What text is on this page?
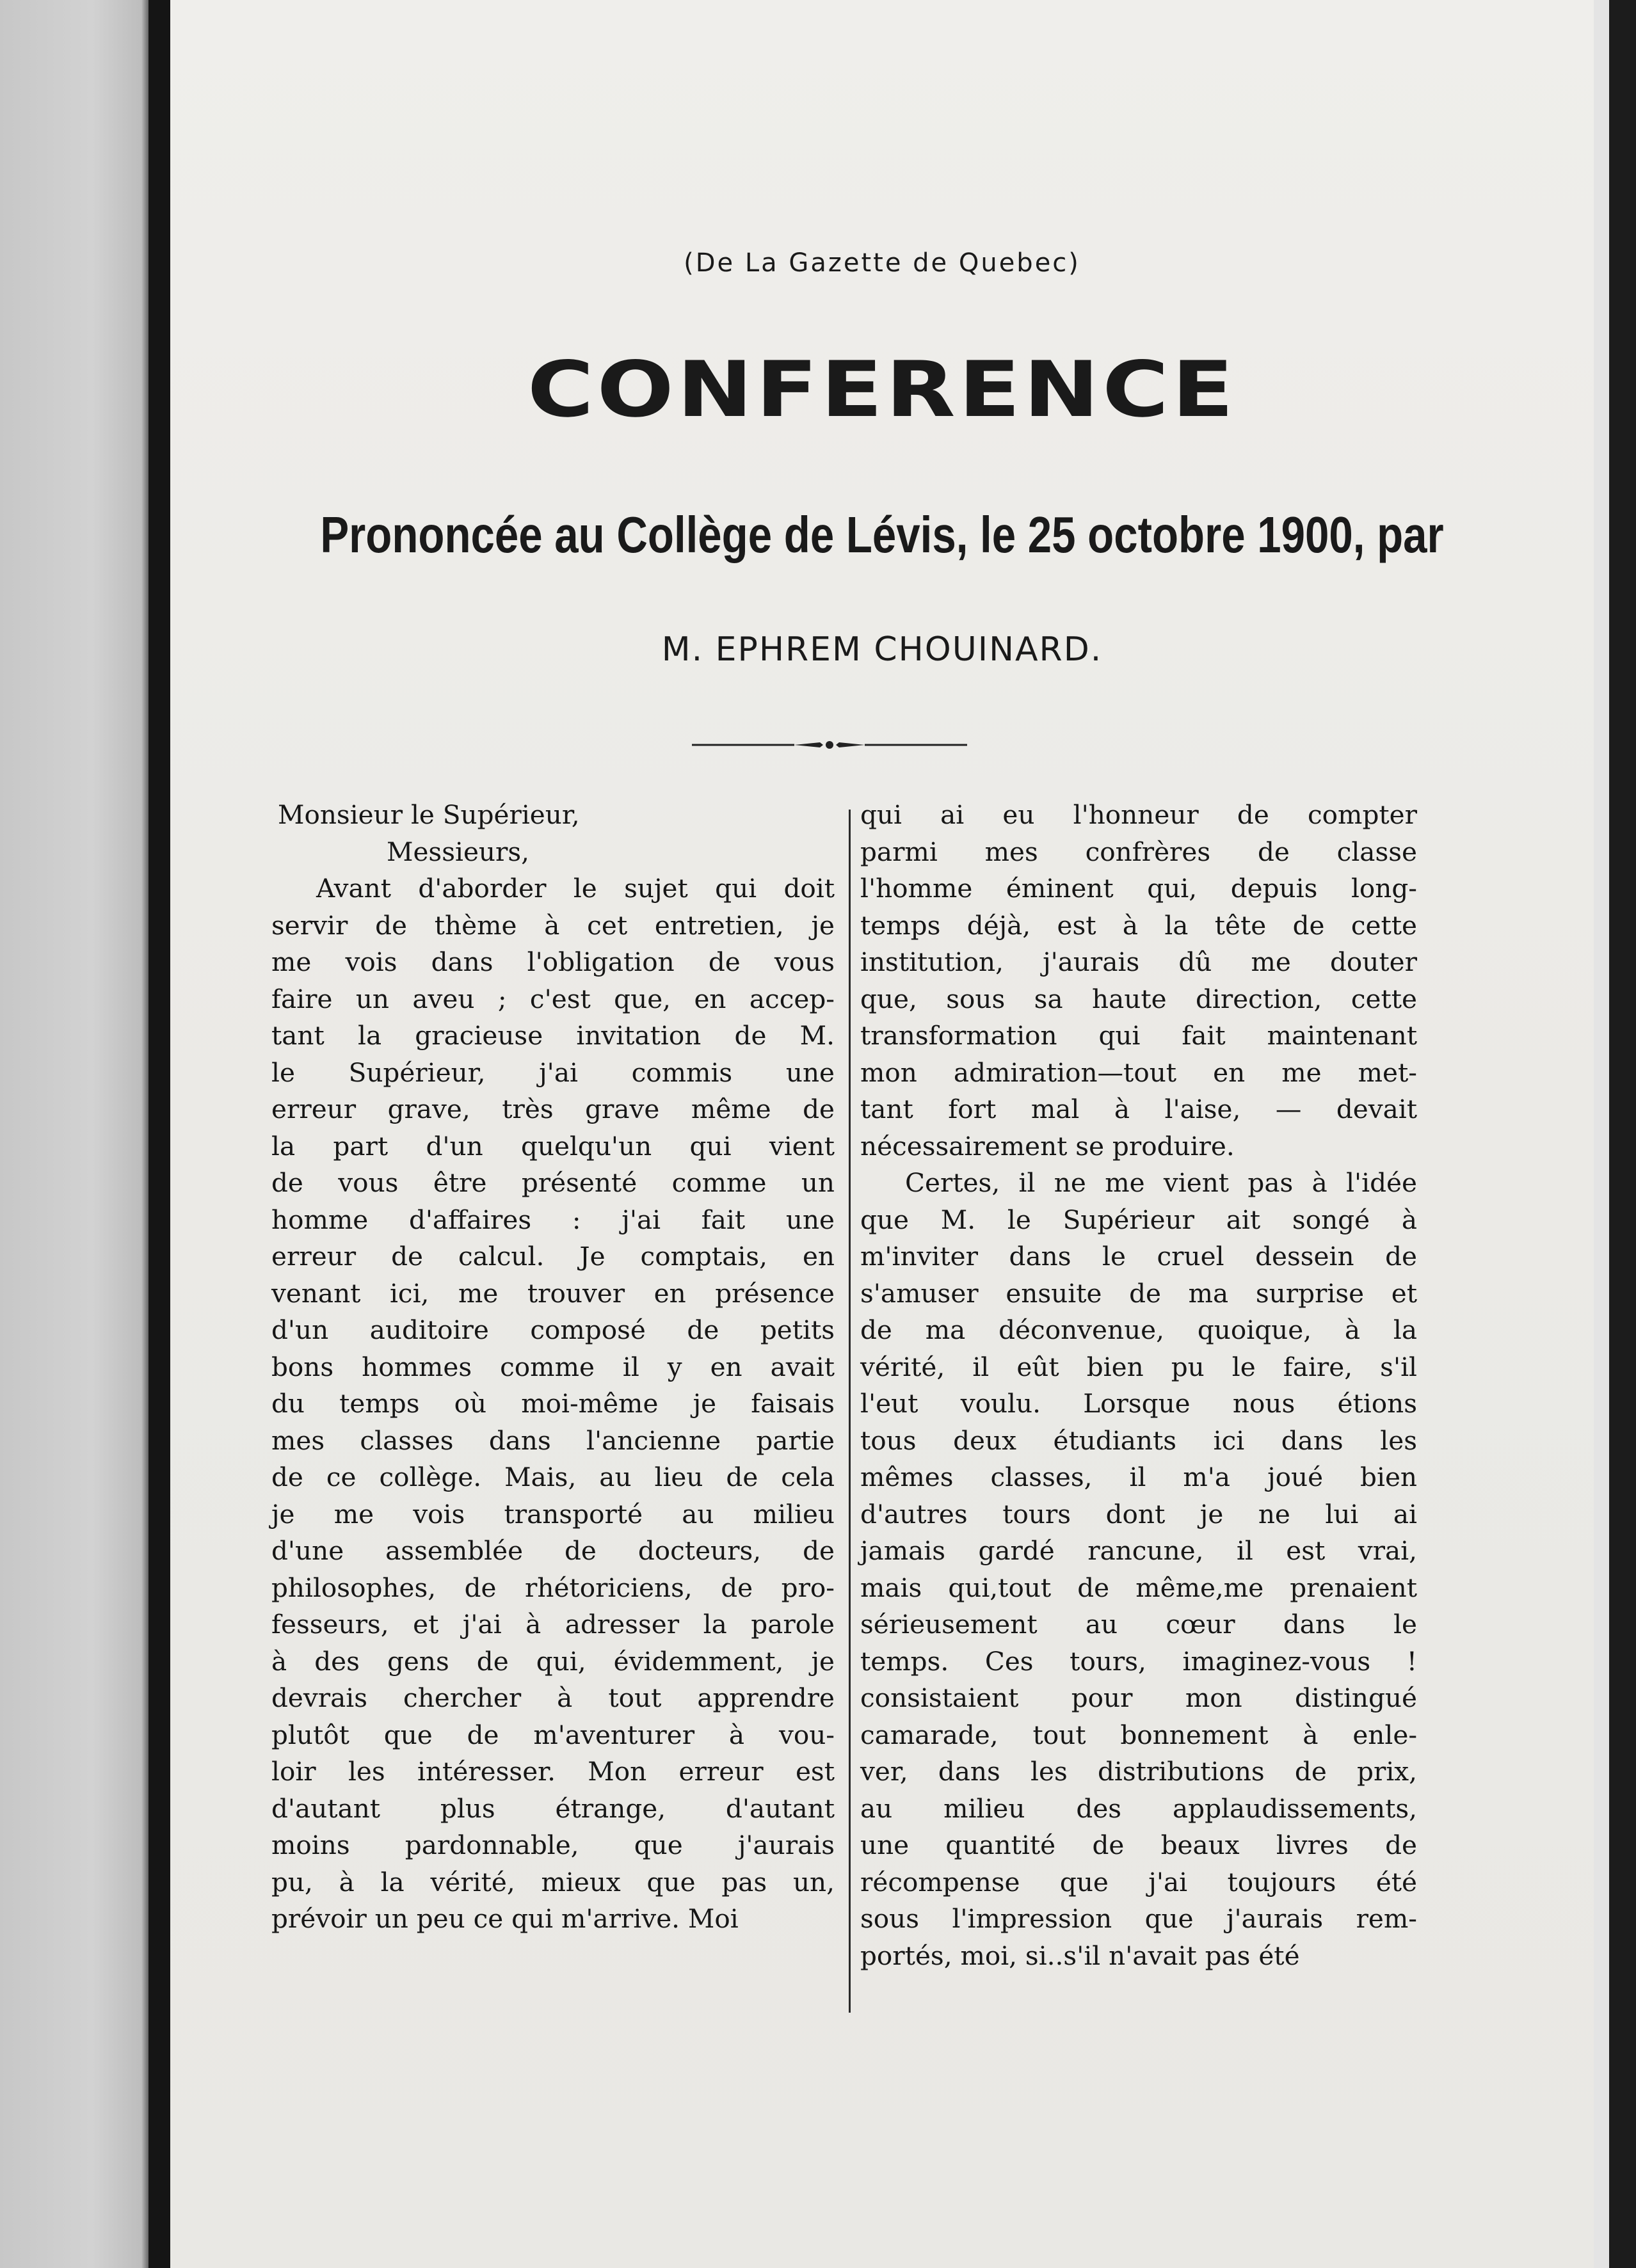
(De La Gazette de Quebec)
CONFERENCE
Prononcée au Collège de Lévis, le 25 octobre 1900, par
M. EPHREM CHOUINARD.
Monsieur le Supérieur,
Messieurs,
Avant d'aborder le sujet qui doit
servir de thème à cet entretien, je
me vois dans l'obligation de vous
faire un aveu ; c'est que, en accep-
tant la gracieuse invitation de M.
le Supérieur, j'ai commis une
erreur grave, très grave même de
la part d'un quelqu'un qui vient
de vous être présenté comme un
homme d'affaires : j'ai fait une
erreur de calcul. Je comptais, en
venant ici, me trouver en présence
d'un auditoire composé de petits
bons hommes comme il y en avait
du temps où moi-même je faisais
mes classes dans l'ancienne partie
de ce collège. Mais, au lieu de cela
je me vois transporté au milieu
d'une assemblée de docteurs, de
philosophes, de rhétoriciens, de pro-
fesseurs, et j'ai à adresser la parole
à des gens de qui, évidemment, je
devrais chercher à tout apprendre
plutôt que de m'aventurer à vou-
loir les intéresser. Mon erreur est
d'autant plus étrange, d'autant
moins pardonnable, que j'aurais
pu, à la vérité, mieux que pas un,
prévoir un peu ce qui m'arrive. Moi
qui ai eu l'honneur de compter
parmi mes confrères de classe
l'homme éminent qui, depuis long-
temps déjà, est à la tête de cette
institution, j'aurais dû me douter
que, sous sa haute direction, cette
transformation qui fait maintenant
mon admiration—tout en me met-
tant fort mal à l'aise, — devait
nécessairement se produire.
Certes, il ne me vient pas à l'idée
que M. le Supérieur ait songé à
m'inviter dans le cruel dessein de
s'amuser ensuite de ma surprise et
de ma déconvenue, quoique, à la
vérité, il eût bien pu le faire, s'il
l'eut voulu. Lorsque nous étions
tous deux étudiants ici dans les
mêmes classes, il m'a joué bien
d'autres tours dont je ne lui ai
jamais gardé rancune, il est vrai,
mais qui,tout de même,me prenaient
sérieusement au cœur dans le
temps. Ces tours, imaginez-vous !
consistaient pour mon distingué
camarade, tout bonnement à enle-
ver, dans les distributions de prix,
au milieu des applaudissements,
une quantité de beaux livres de
récompense que j'ai toujours été
sous l'impression que j'aurais rem-
portés, moi, si..s'il n'avait pas été
